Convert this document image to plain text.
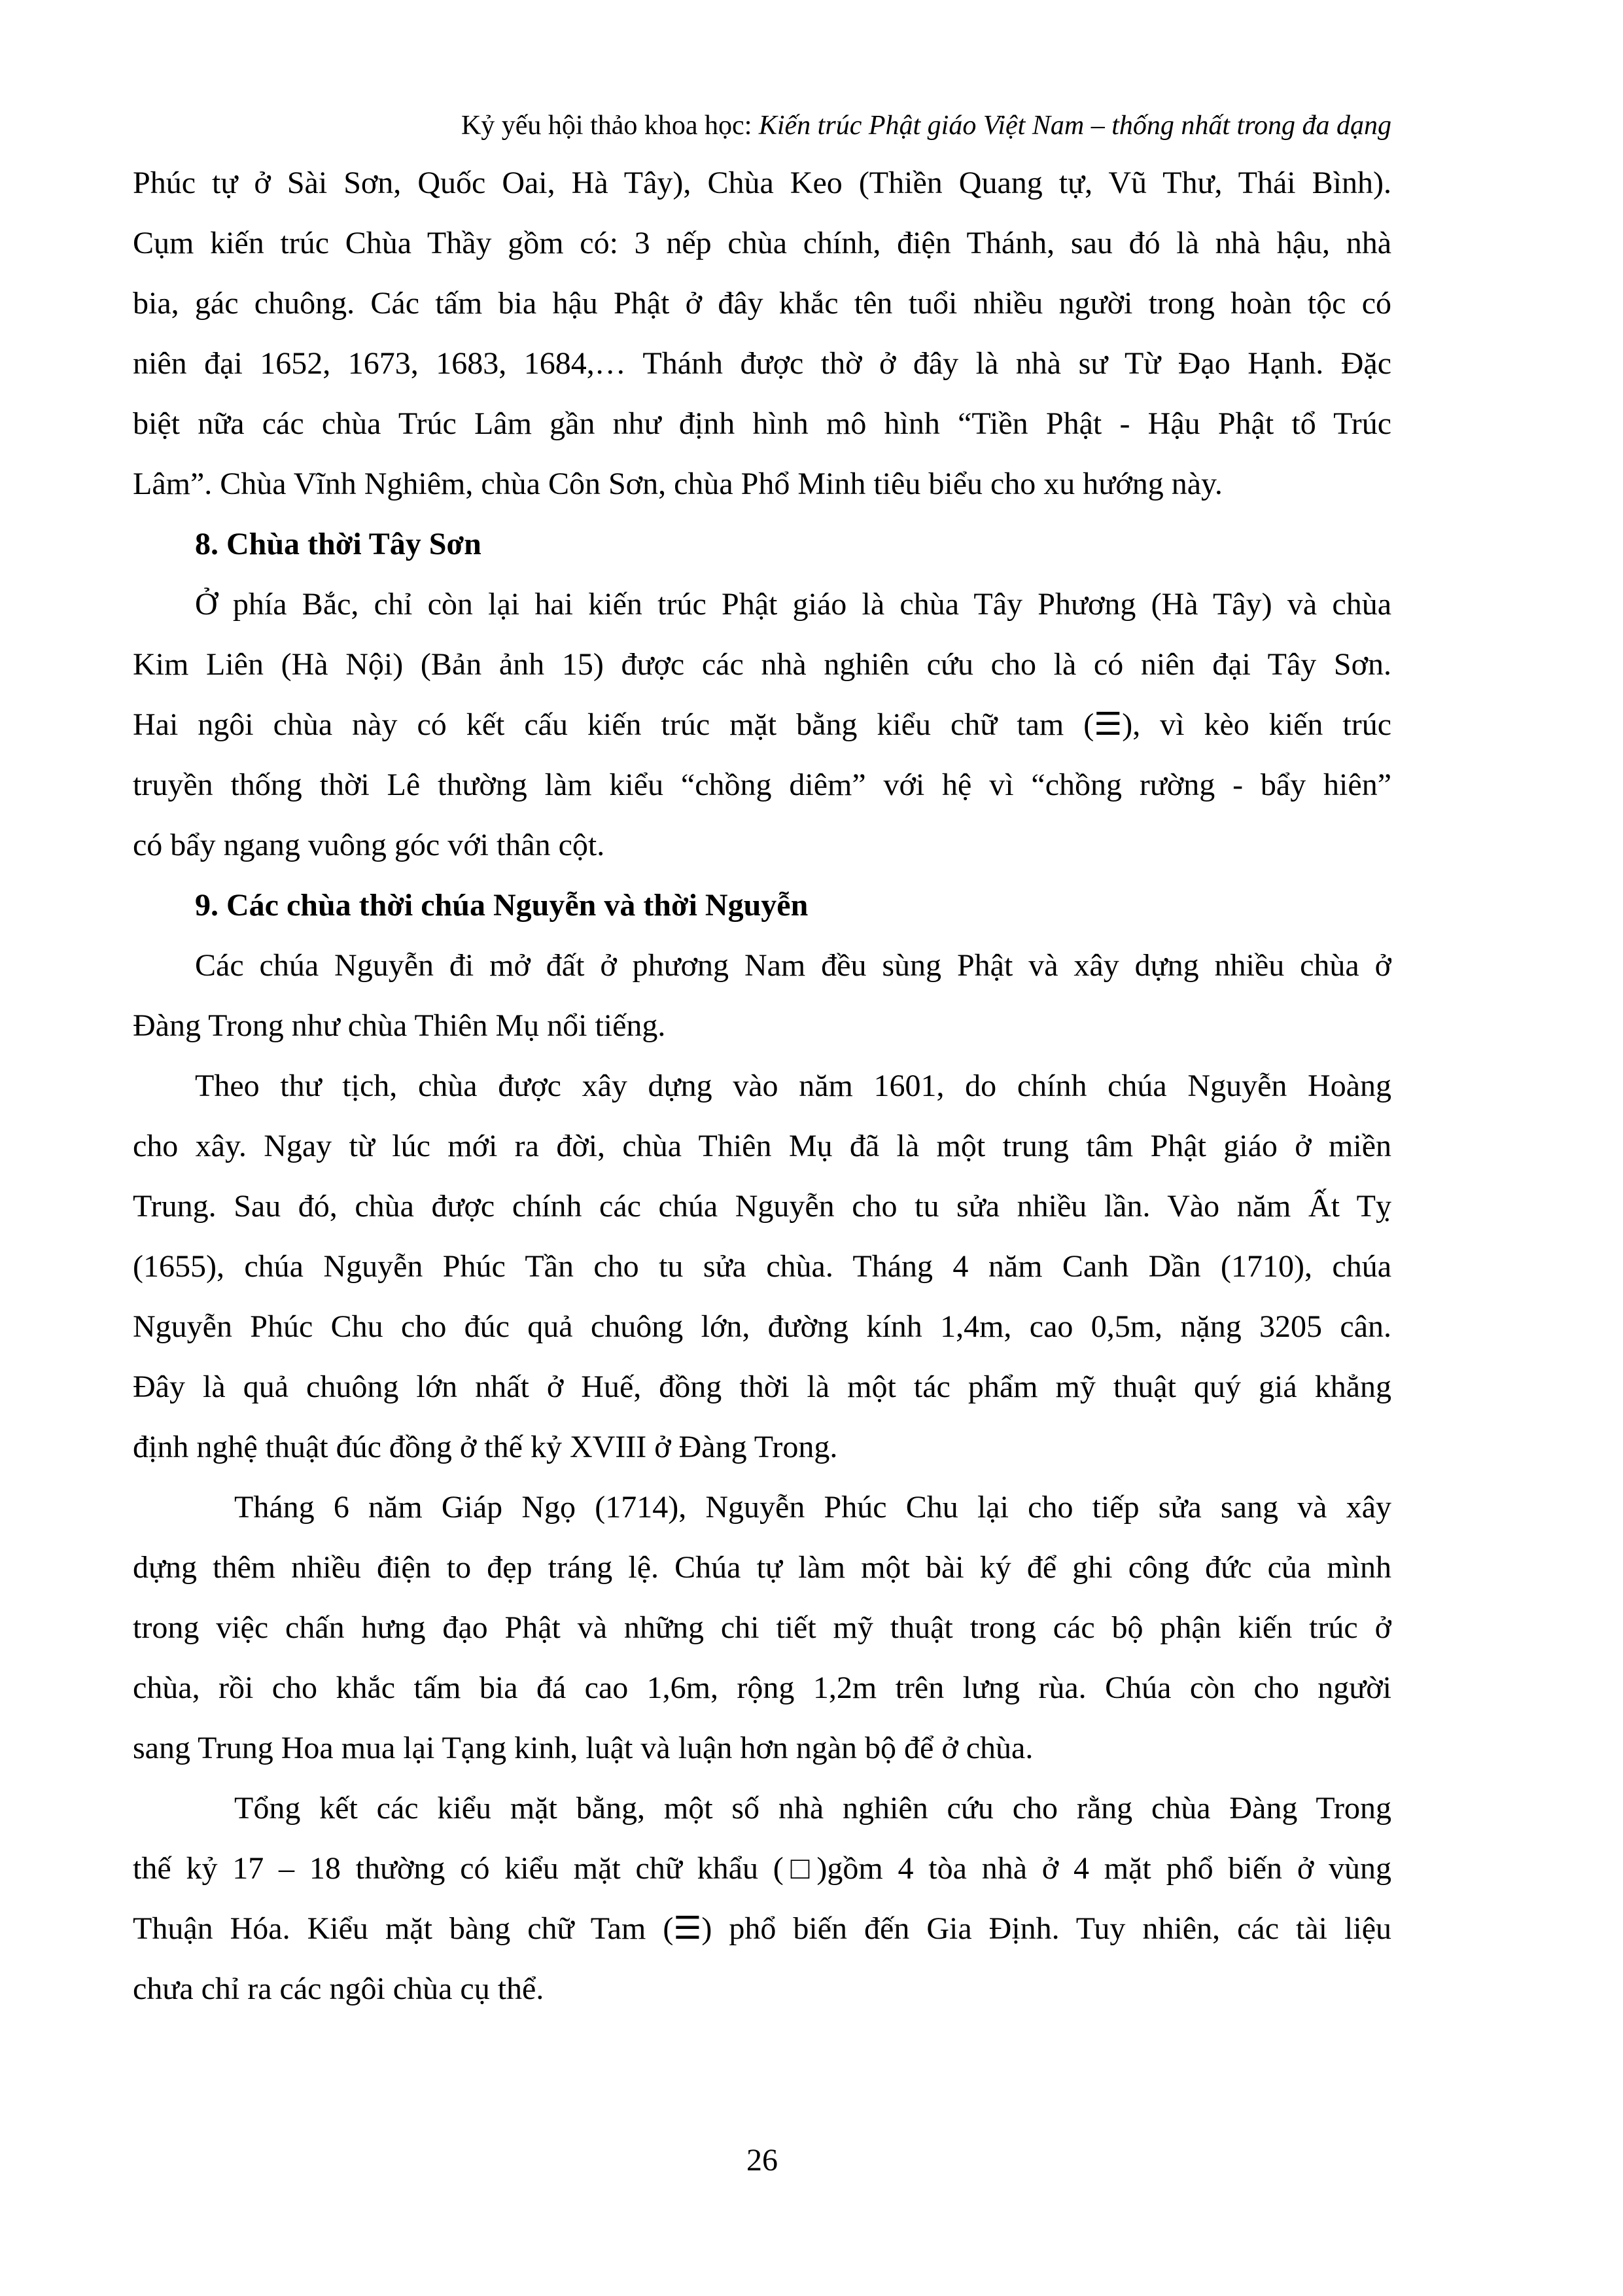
Kỷ yếu hội thảo khoa học: Kiến trúc Phật giáo Việt Nam – thống nhất trong đa dạng
Phúc tự ở Sài Sơn, Quốc Oai, Hà Tây), Chùa Keo (Thiền Quang tự, Vũ Thư, Thái Bình).
Cụm kiến trúc Chùa Thầy gồm có: 3 nếp chùa chính, điện Thánh, sau đó là nhà hậu, nhà
bia, gác chuông. Các tấm bia hậu Phật ở đây khắc tên tuổi nhiều người trong hoàn tộc có
niên đại 1652, 1673, 1683, 1684,… Thánh được thờ ở đây là nhà sư Từ Đạo Hạnh. Đặc
biệt nữa các chùa Trúc Lâm gần như định hình mô hình “Tiền Phật - Hậu Phật tổ Trúc
Lâm”. Chùa Vĩnh Nghiêm, chùa Côn Sơn, chùa Phổ Minh tiêu biểu cho xu hướng này.
8. Chùa thời Tây Sơn
Ở phía Bắc, chỉ còn lại hai kiến trúc Phật giáo là chùa Tây Phương (Hà Tây) và chùa
Kim Liên (Hà Nội) (Bản ảnh 15) được các nhà nghiên cứu cho là có niên đại Tây Sơn.
Hai ngôi chùa này có kết cấu kiến trúc mặt bằng kiểu chữ tam (☰), vì kèo kiến trúc
truyền thống thời Lê thường làm kiểu “chồng diêm” với hệ vì “chồng rường - bẩy hiên”
có bẩy ngang vuông góc với thân cột.
9. Các chùa thời chúa Nguyễn và thời Nguyễn
Các chúa Nguyễn đi mở đất ở phương Nam đều sùng Phật và xây dựng nhiều chùa ở
Đàng Trong như chùa Thiên Mụ nổi tiếng.
Theo thư tịch, chùa được xây dựng vào năm 1601, do chính chúa Nguyễn Hoàng
cho xây. Ngay từ lúc mới ra đời, chùa Thiên Mụ đã là một trung tâm Phật giáo ở miền
Trung. Sau đó, chùa được chính các chúa Nguyễn cho tu sửa nhiều lần. Vào năm Ất Tỵ
(1655), chúa Nguyễn Phúc Tần cho tu sửa chùa. Tháng 4 năm Canh Dần (1710), chúa
Nguyễn Phúc Chu cho đúc quả chuông lớn, đường kính 1,4m, cao 0,5m, nặng 3205 cân.
Đây là quả chuông lớn nhất ở Huế, đồng thời là một tác phẩm mỹ thuật quý giá khẳng
định nghệ thuật đúc đồng ở thế kỷ XVIII ở Đàng Trong.
Tháng 6 năm Giáp Ngọ (1714), Nguyễn Phúc Chu lại cho tiếp sửa sang và xây
dựng thêm nhiều điện to đẹp tráng lệ. Chúa tự làm một bài ký để ghi công đức của mình
trong việc chấn hưng đạo Phật và những chi tiết mỹ thuật trong các bộ phận kiến trúc ở
chùa, rồi cho khắc tấm bia đá cao 1,6m, rộng 1,2m trên lưng rùa. Chúa còn cho người
sang Trung Hoa mua lại Tạng kinh, luật và luận hơn ngàn bộ để ở chùa.
Tổng kết các kiểu mặt bằng, một số nhà nghiên cứu cho rằng chùa Đàng Trong
thế kỷ 17 – 18 thường có kiểu mặt chữ khẩu (□)gồm 4 tòa nhà ở 4 mặt phổ biến ở vùng
Thuận Hóa. Kiểu mặt bàng chữ Tam (☰) phổ biến đến Gia Định. Tuy nhiên, các tài liệu
chưa chỉ ra các ngôi chùa cụ thể.
26
